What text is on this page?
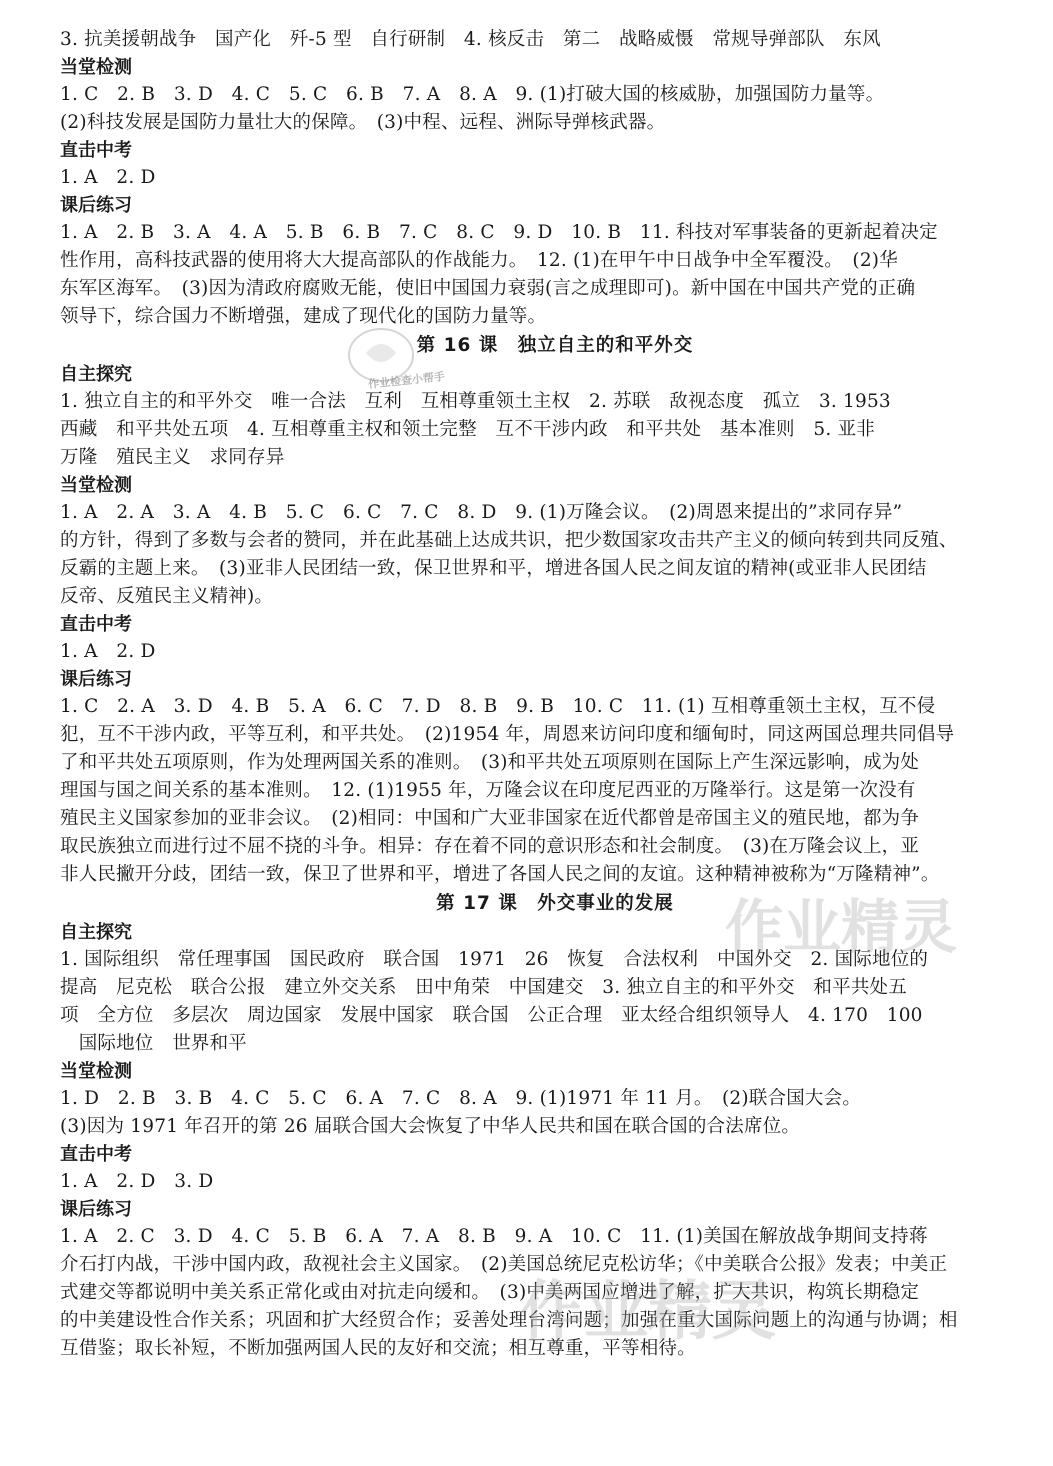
3. 抗美援朝战争　国产化　歼-5 型　自行研制　4. 核反击　第二　战略威慑　常规导弹部队　东风
当堂检测
1. C　2. B　3. D　4. C　5. C　6. B　7. A　8. A　9. (1)打破大国的核威胁，加强国防力量等。
(2)科技发展是国防力量壮大的保障。　(3)中程、远程、洲际导弹核武器。
直击中考
1. A　2. D
课后练习
1. A　2. B　3. A　4. A　5. B　6. B　7. C　8. C　9. D　10. B　11. 科技对军事装备的更新起着决定
性作用，高科技武器的使用将大大提高部队的作战能力。　12. (1)在甲午中日战争中全军覆没。　(2)华
东军区海军。　(3)因为清政府腐败无能，使旧中国国力衰弱(言之成理即可)。新中国在中国共产党的正确
领导下，综合国力不断增强，建成了现代化的国防力量等。
第 16 课　独立自主的和平外交
自主探究
1. 独立自主的和平外交　唯一合法　互利　互相尊重领土主权　2. 苏联　敌视态度　孤立　3. 1953
西藏　和平共处五项　4. 互相尊重主权和领土完整　互不干涉内政　和平共处　基本准则　5. 亚非
万隆　殖民主义　求同存异
当堂检测
1. A　2. A　3. A　4. B　5. C　6. C　7. C　8. D　9. (1)万隆会议。　(2)周恩来提出的”求同存异”
的方针，得到了多数与会者的赞同，并在此基础上达成共识，把少数国家攻击共产主义的倾向转到共同反殖、
反霸的主题上来。　(3)亚非人民团结一致，保卫世界和平，增进各国人民之间友谊的精神(或亚非人民团结
反帝、反殖民主义精神)。
直击中考
1. A　2. D
课后练习
1. C　2. A　3. D　4. B　5. A　6. C　7. D　8. B　9. B　10. C　11. (1) 互相尊重领土主权，互不侵
犯，互不干涉内政，平等互利，和平共处。　(2)1954 年，周恩来访问印度和缅甸时，同这两国总理共同倡导
了和平共处五项原则，作为处理两国关系的准则。　(3)和平共处五项原则在国际上产生深远影响，成为处
理国与国之间关系的基本准则。　12. (1)1955 年，万隆会议在印度尼西亚的万隆举行。这是第一次没有
殖民主义国家参加的亚非会议。　(2)相同：中国和广大亚非国家在近代都曾是帝国主义的殖民地，都为争
取民族独立而进行过不屈不挠的斗争。相异：存在着不同的意识形态和社会制度。　(3)在万隆会议上，亚
非人民撇开分歧，团结一致，保卫了世界和平，增进了各国人民之间的友谊。这种精神被称为“万隆精神”。
第 17 课　外交事业的发展
自主探究
1. 国际组织　常任理事国　国民政府　联合国　1971　26　恢复　合法权利　中国外交　2. 国际地位的
提高　尼克松　联合公报　建立外交关系　田中角荣　中国建交　3. 独立自主的和平外交　和平共处五
项　全方位　多层次　周边国家　发展中国家　联合国　公正合理　亚太经合组织领导人　4. 170　100
　国际地位　世界和平
当堂检测
1. D　2. B　3. B　4. C　5. C　6. A　7. C　8. A　9. (1)1971 年 11 月。　(2)联合国大会。
(3)因为 1971 年召开的第 26 届联合国大会恢复了中华人民共和国在联合国的合法席位。
直击中考
1. A　2. D　3. D
课后练习
1. A　2. C　3. D　4. C　5. B　6. A　7. A　8. B　9. A　10. C　11. (1)美国在解放战争期间支持蒋
介石打内战，干涉中国内政，敌视社会主义国家。　(2)美国总统尼克松访华；《中美联合公报》发表；中美正
式建交等都说明中美关系正常化或由对抗走向缓和。　(3)中美两国应增进了解，扩大共识，构筑长期稳定
的中美建设性合作关系；巩固和扩大经贸合作；妥善处理台湾问题；加强在重大国际问题上的沟通与协调；相
互借鉴；取长补短，不断加强两国人民的友好和交流；相互尊重，平等相待。
作业检查小帮手
作业精灵
作业精灵
